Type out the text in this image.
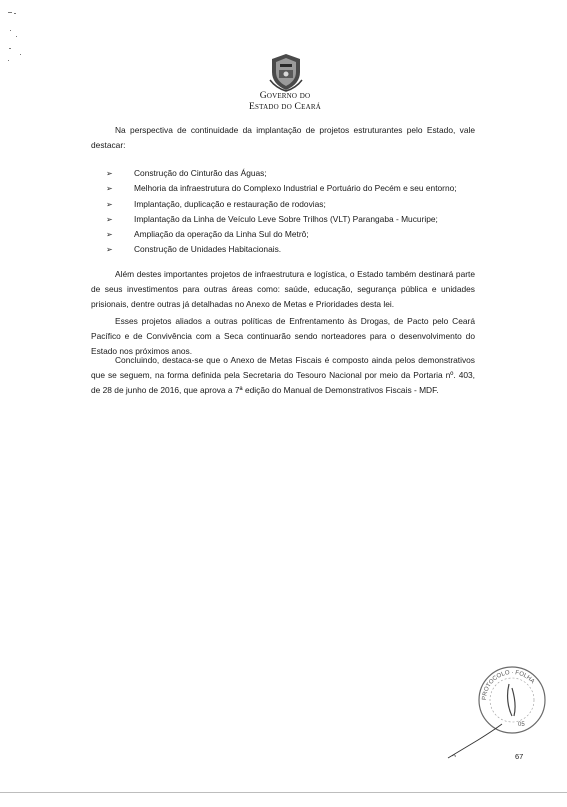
Governo do
Estado do Ceará
Na perspectiva de continuidade da implantação de projetos estruturantes pelo Estado, vale destacar:
➢	Construção do Cinturão das Águas;
➢	Melhoria da infraestrutura do Complexo Industrial e Portuário do Pecém e seu entorno;
➢	Implantação, duplicação e restauração de rodovias;
➢	Implantação da Linha de Veículo Leve Sobre Trilhos (VLT) Parangaba - Mucuripe;
➢	Ampliação da operação da Linha Sul do Metrô;
➢	Construção de Unidades Habitacionais.
Além destes importantes projetos de infraestrutura e logística, o Estado também destinará parte de seus investimentos para outras áreas como: saúde, educação, segurança pública e unidades prisionais, dentre outras já detalhadas no Anexo de Metas e Prioridades desta lei.
Esses projetos aliados a outras políticas de Enfrentamento às Drogas, de Pacto pelo Ceará Pacífico e de Convivência com a Seca continuarão sendo norteadores para o desenvolvimento do Estado nos próximos anos.
Concluindo, destaca-se que o Anexo de Metas Fiscais é composto ainda pelos demonstrativos que se seguem, na forma definida pela Secretaria do Tesouro Nacional por meio da Portaria nº. 403, de 28 de junho de 2016, que aprova a 7ª edição do Manual de Demonstrativos Fiscais - MDF.
PROTOCOLO · FOLHA
05
67
